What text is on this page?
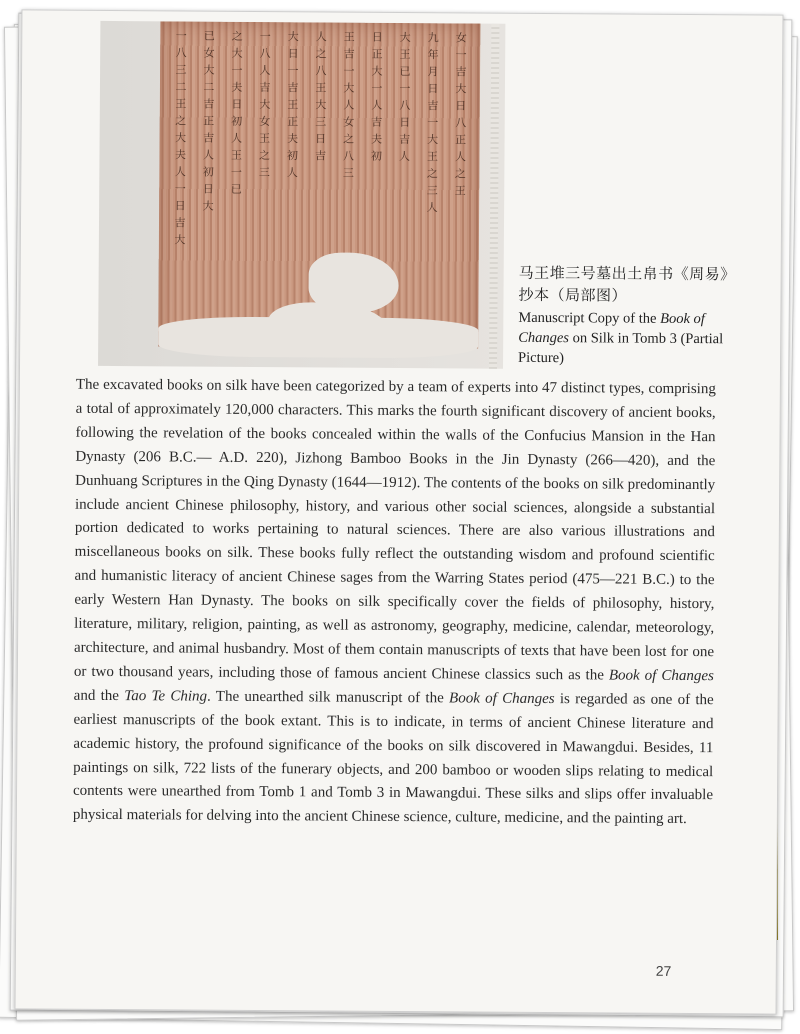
一八三二王之大夫人一日吉大
已女大二吉正吉人初日大
之大一夫日初人王一已
一八人吉大女王之三
大日一吉王正夫初人
人之八王大三日吉
王吉一大人女之八三
日正大一人吉夫初
大王已一八日吉人
九年月日吉一大王之三人
女一吉大日八正人之王
马王堆三号墓出土帛书《周易》
抄本（局部图）
Manuscript Copy of the Book of Changes on Silk in Tomb 3 (Partial Picture)
The excavated books on silk have been categorized by a team of experts into 47 distinct types, comprising a total of approximately 120,000 characters. This marks the fourth significant discovery of ancient books, following the revelation of the books concealed within the walls of the Confucius Mansion in the Han Dynasty (206 B.C.— A.D. 220), Jizhong Bamboo Books in the Jin Dynasty (266—420), and the Dunhuang Scriptures in the Qing Dynasty (1644—1912). The contents of the books on silk predominantly include ancient Chinese philosophy, history, and various other social sciences, alongside a substantial portion dedicated to works pertaining to natural sciences. There are also various illustrations and miscellaneous books on silk. These books fully reflect the outstanding wisdom and profound scientific and humanistic literacy of ancient Chinese sages from the Warring States period (475—221 B.C.) to the early Western Han Dynasty. The books on silk specifically cover the fields of philosophy, history, literature, military, religion, painting, as well as astronomy, geography, medicine, calendar, meteorology, architecture, and animal husbandry. Most of them contain manuscripts of texts that have been lost for one or two thousand years, including those of famous ancient Chinese classics such as the Book of Changes and the Tao Te Ching. The unearthed silk manuscript of the Book of Changes is regarded as one of the earliest manuscripts of the book extant. This is to indicate, in terms of ancient Chinese literature and academic history, the profound significance of the books on silk discovered in Mawangdui. Besides, 11 paintings on silk, 722 lists of the funerary objects, and 200 bamboo or wooden slips relating to medical contents were unearthed from Tomb 1 and Tomb 3 in Mawangdui. These silks and slips offer invaluable physical materials for delving into the ancient Chinese science, culture, medicine, and the painting art.
27
